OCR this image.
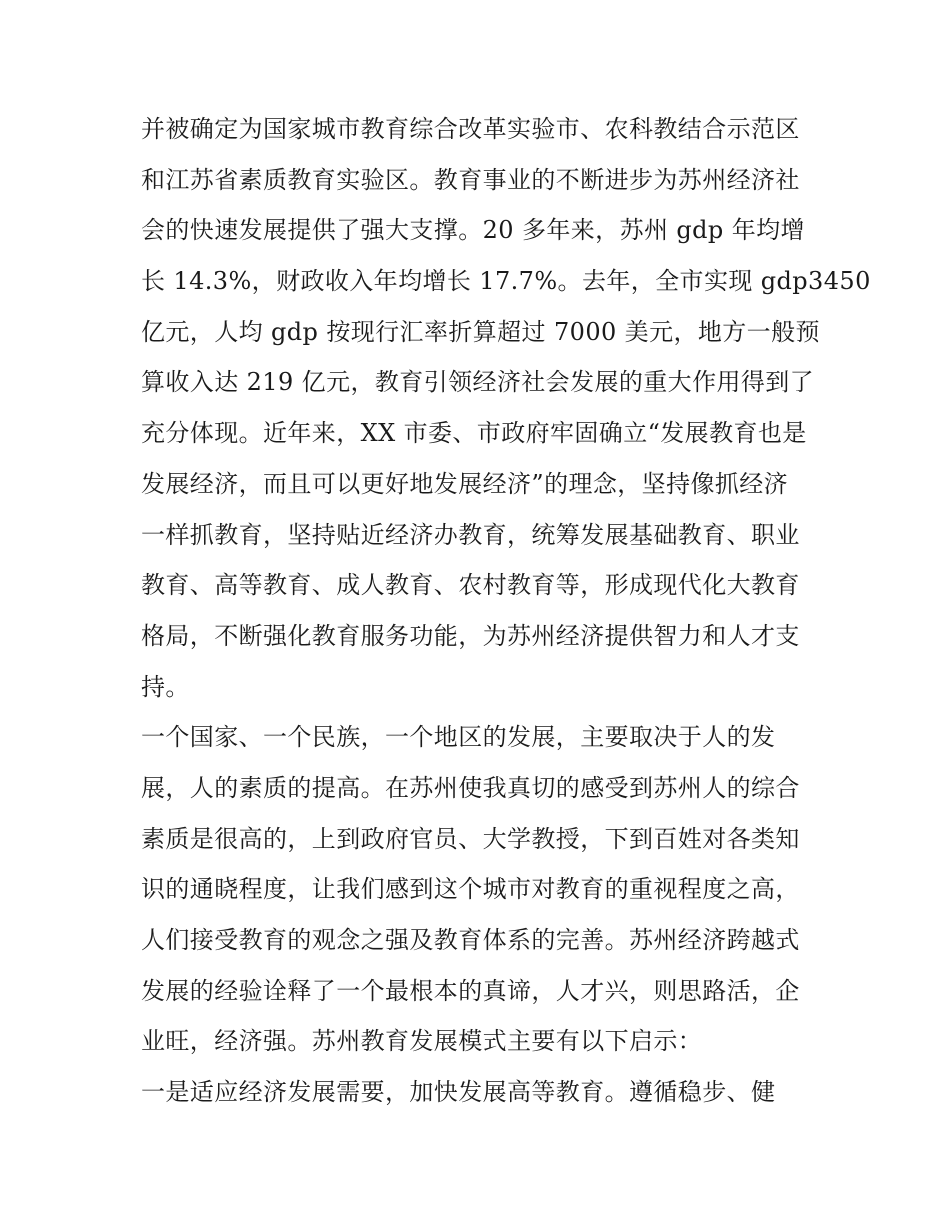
并被确定为国家城市教育综合改革实验市、农科教结合示范区
和江苏省素质教育实验区。教育事业的不断进步为苏州经济社
会的快速发展提供了强大支撑。20 多年来，苏州 gdp 年均增
长 14.3%，财政收入年均增长 17.7%。去年，全市实现 gdp3450
亿元，人均 gdp 按现行汇率折算超过 7000 美元，地方一般预
算收入达 219 亿元，教育引领经济社会发展的重大作用得到了
充分体现。近年来，XX 市委、市政府牢固确立“发展教育也是
发展经济，而且可以更好地发展经济”的理念，坚持像抓经济
一样抓教育，坚持贴近经济办教育，统筹发展基础教育、职业
教育、高等教育、成人教育、农村教育等，形成现代化大教育
格局，不断强化教育服务功能，为苏州经济提供智力和人才支
持。
一个国家、一个民族，一个地区的发展，主要取决于人的发
展，人的素质的提高。在苏州使我真切的感受到苏州人的综合
素质是很高的，上到政府官员、大学教授，下到百姓对各类知
识的通晓程度，让我们感到这个城市对教育的重视程度之高，
人们接受教育的观念之强及教育体系的完善。苏州经济跨越式
发展的经验诠释了一个最根本的真谛，人才兴，则思路活，企
业旺，经济强。苏州教育发展模式主要有以下启示：
一是适应经济发展需要，加快发展高等教育。遵循稳步、健
